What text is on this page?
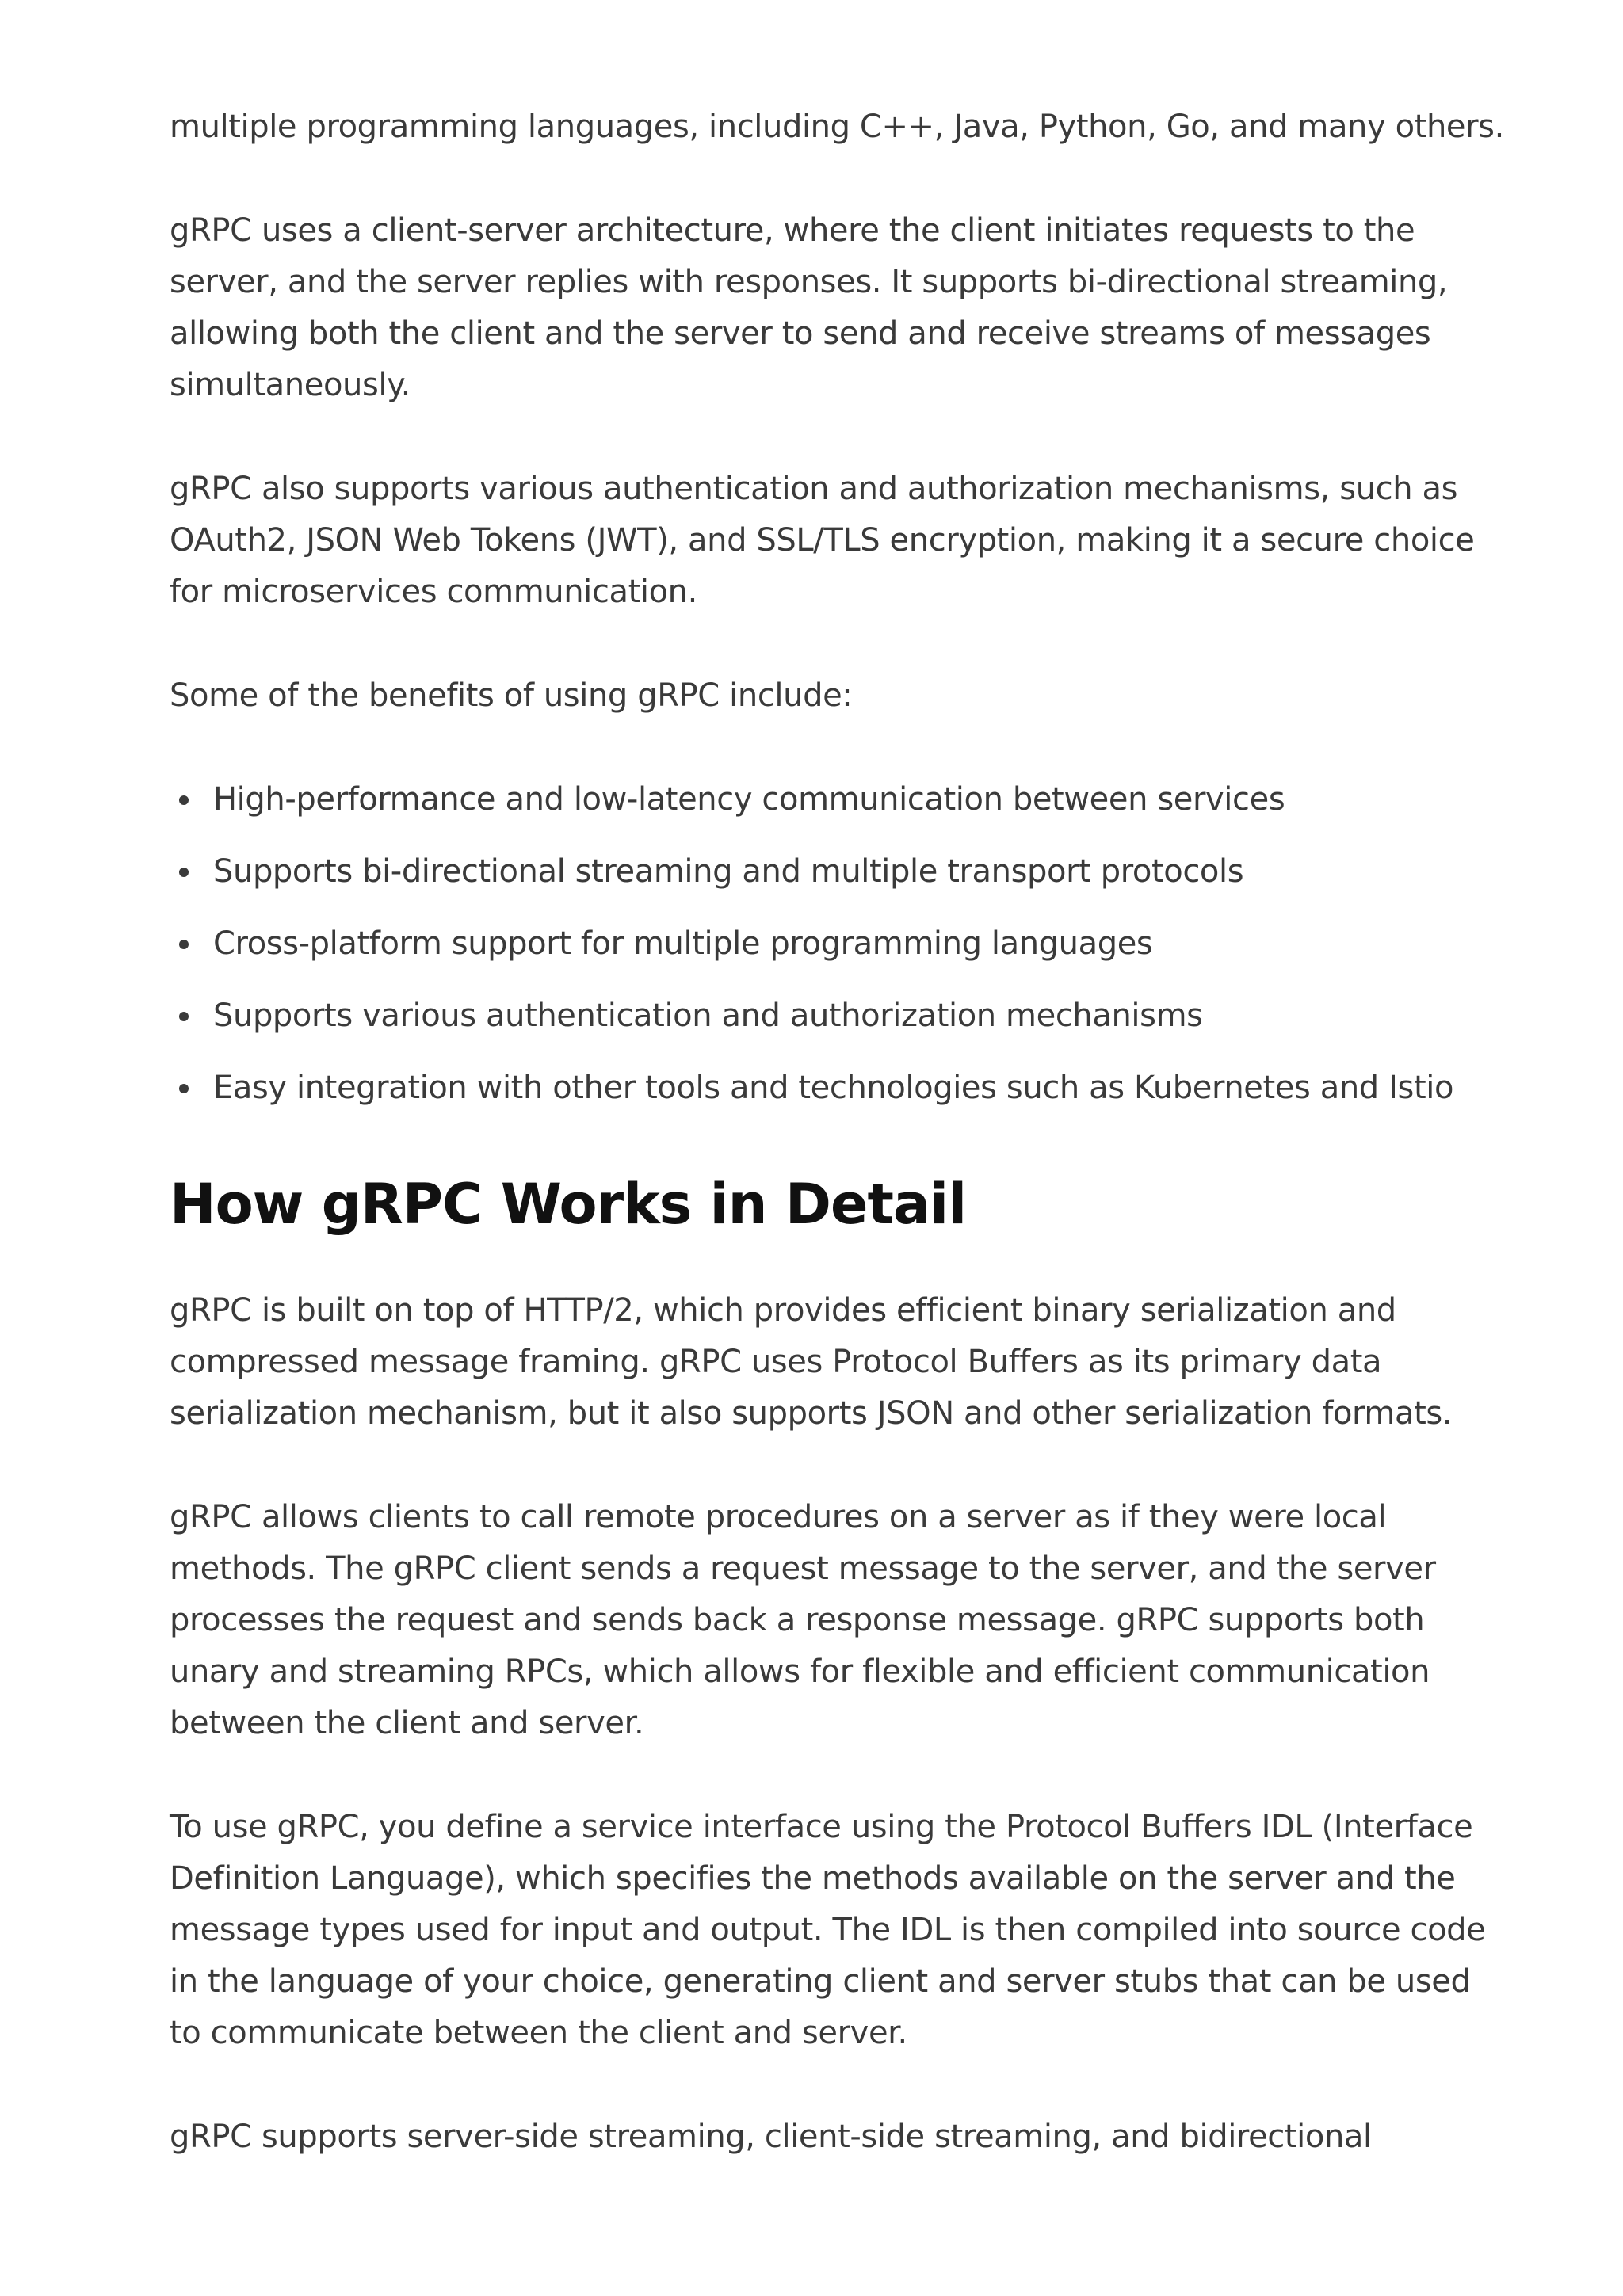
multiple programming languages, including C++, Java, Python, Go, and many others.

gRPC uses a client-server architecture, where the client initiates requests to the server, and the server replies with responses. It supports bi-directional streaming, allowing both the client and the server to send and receive streams of messages simultaneously.

gRPC also supports various authentication and authorization mechanisms, such as OAuth2, JSON Web Tokens (JWT), and SSL/TLS encryption, making it a secure choice for microservices communication.

Some of the benefits of using gRPC include:

High-performance and low-latency communication between services
Supports bi-directional streaming and multiple transport protocols
Cross-platform support for multiple programming languages
Supports various authentication and authorization mechanisms
Easy integration with other tools and technologies such as Kubernetes and Istio
How gRPC Works in Detail

gRPC is built on top of HTTP/2, which provides efficient binary serialization and compressed message framing. gRPC uses Protocol Buffers as its primary data serialization mechanism, but it also supports JSON and other serialization formats.

gRPC allows clients to call remote procedures on a server as if they were local methods. The gRPC client sends a request message to the server, and the server processes the request and sends back a response message. gRPC supports both unary and streaming RPCs, which allows for flexible and efficient communication between the client and server.

To use gRPC, you define a service interface using the Protocol Buffers IDL (Interface Definition Language), which specifies the methods available on the server and the message types used for input and output. The IDL is then compiled into source code in the language of your choice, generating client and server stubs that can be used to communicate between the client and server.

gRPC supports server-side streaming, client-side streaming, and bidirectional
